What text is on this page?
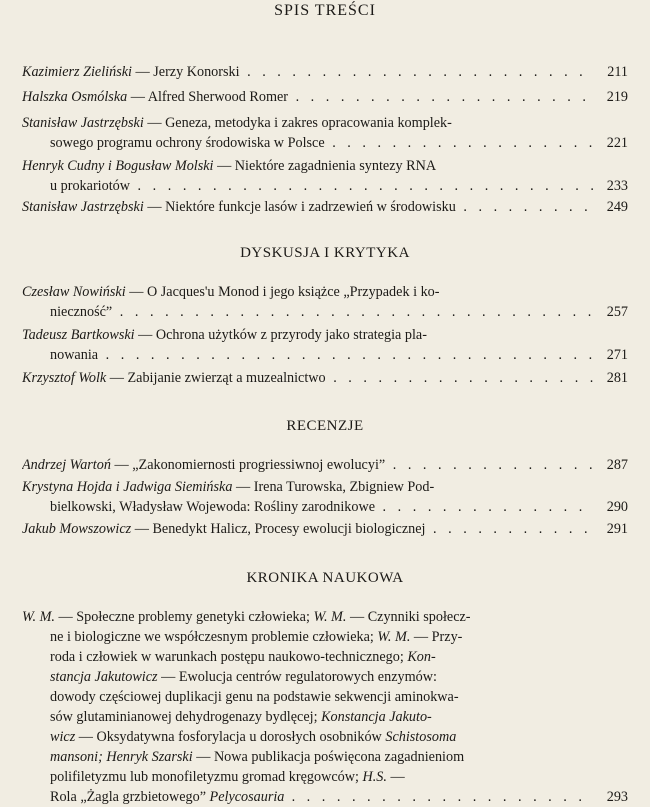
SPIS TREŚCI
Kazimierz Zieliński — Jerzy Konorski . . .	211
Halszka Osmólska — Alfred Sherwood Romer . . .	219
Stanisław Jastrzębski — Geneza, metodyka i zakres opracowania komplek-
sowego programu ochrony środowiska w Polsce . . .	221
Henryk Cudny i Bogusław Molski — Niektóre zagadnienia syntezy RNA
u prokariotów . . .	233
Stanisław Jastrzębski — Niektóre funkcje lasów i zadrzewień w środowisku . . .	249
DYSKUSJA I KRYTYKA
Czesław Nowiński — O Jacques'u Monod i jego książce „Przypadek i ko-
nieczność” . . .	257
Tadeusz Bartkowski — Ochrona użytków z przyrody jako strategia pla-
nowania . . .	271
Krzysztof Wolk — Zabijanie zwierząt a muzealnictwo . . .	281
RECENZJE
Andrzej Wartoń — „Zakonomiernosti progriessiwnoj ewolucyi” . . .	287
Krystyna Hojda i Jadwiga Siemińska — Irena Turowska, Zbigniew Pod-
bielkowski, Władysław Wojewoda: Rośliny zarodnikowe . . .	290
Jakub Mowszowicz — Benedykt Halicz, Procesy ewolucji biologicznej . . .	291
KRONIKA NAUKOWA
W. M. — Społeczne problemy genetyki człowieka; W. M. — Czynniki społecz-
ne i biologiczne we współczesnym problemie człowieka; W. M. — Przy-
roda i człowiek w warunkach postępu naukowo-technicznego; Kon-
stancja Jakutowicz — Ewolucja centrów regulatorowych enzymów:
dowody częściowej duplikacji genu na podstawie sekwencji aminokwa-
sów glutaminianowej dehydrogenazy bydlęcej; Konstancja Jakuto-
wicz — Oksydatywna fosforylacja u dorosłych osobników Schistosoma
mansoni; Henryk Szarski — Nowa publikacja poświęcona zagadnieniom
polifiletyzmu lub monofiletyzmu gromad kręgowców; H.S. —
Rola „Żagla grzbietowego” Pelycosauria . . .	293
